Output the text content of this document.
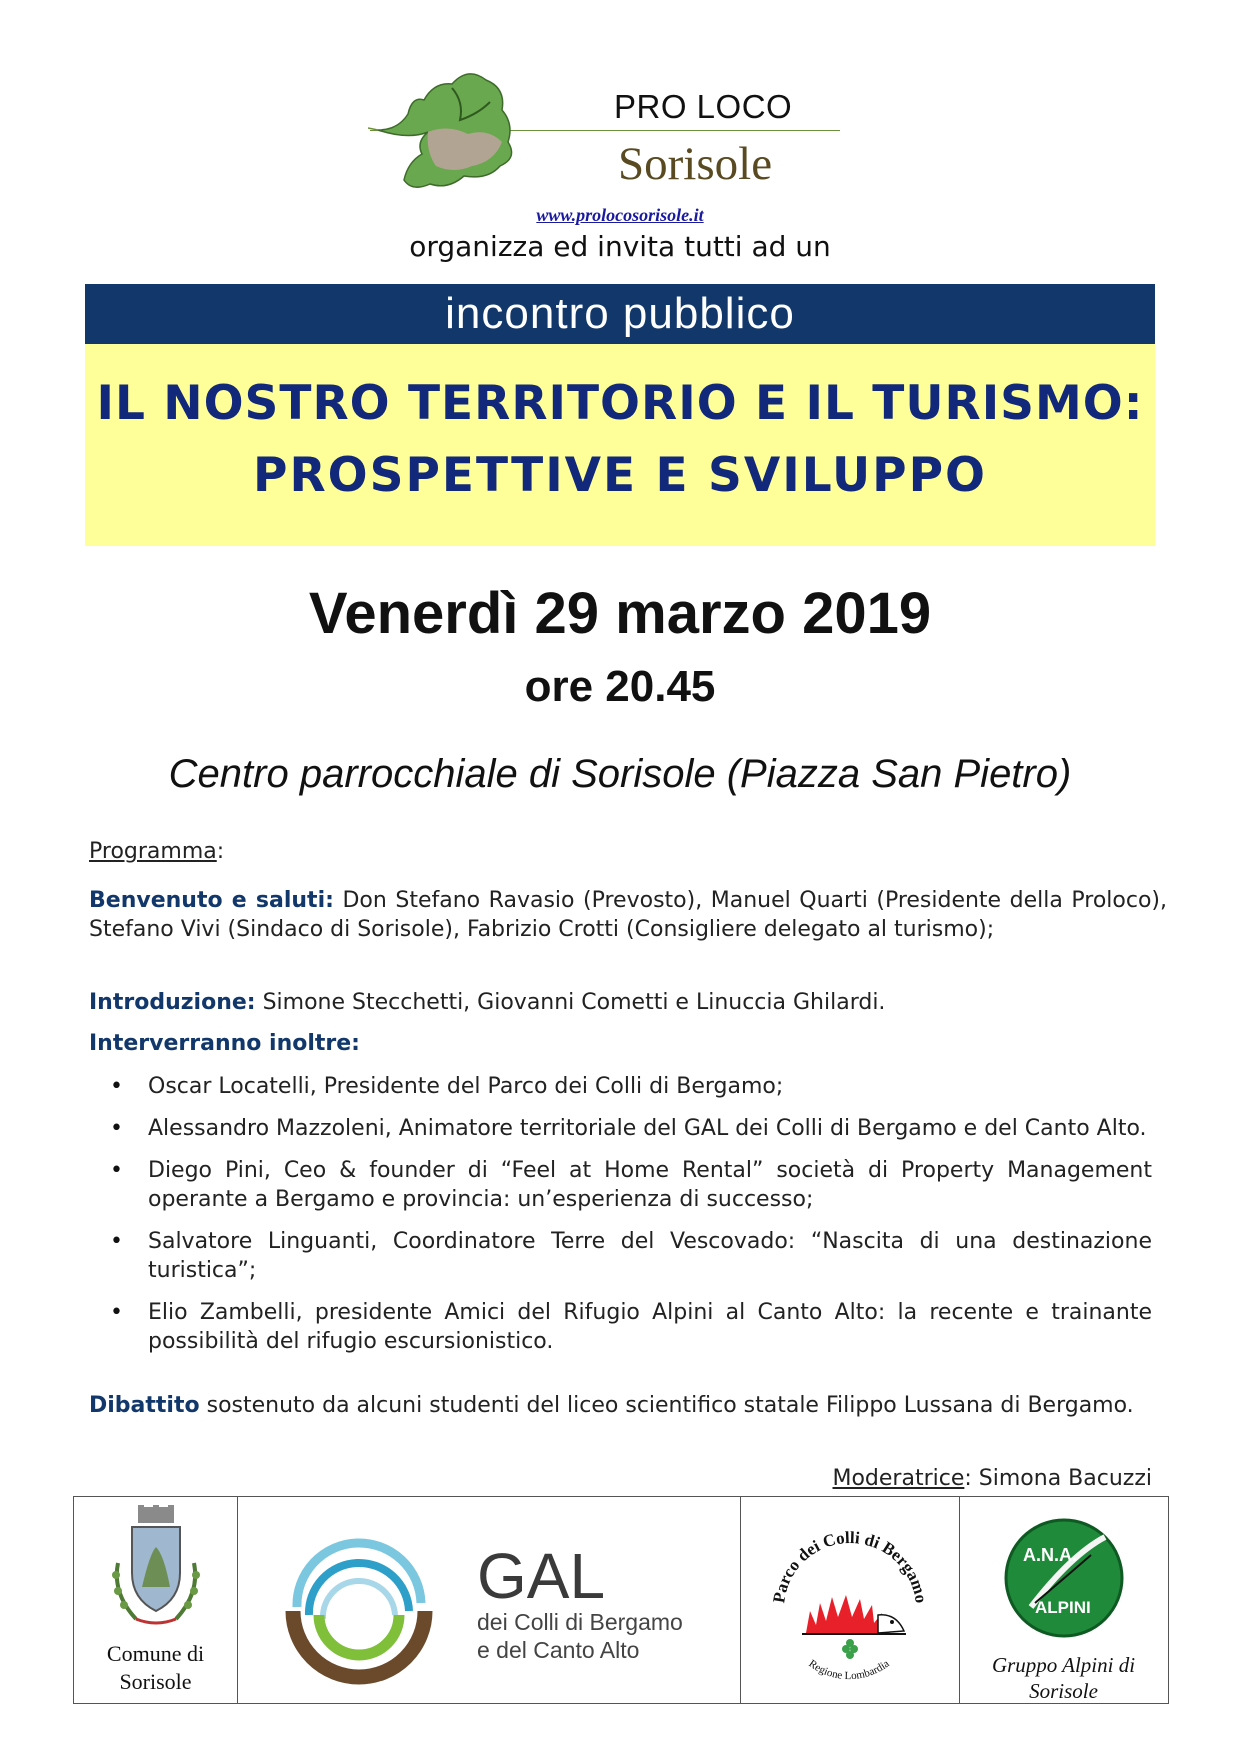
PRO LOCO
Sorisole
www.prolocosorisole.it
organizza ed invita tutti ad un
incontro pubblico
IL NOSTRO TERRITORIO E IL TURISMO:
PROSPETTIVE E SVILUPPO
Venerdì 29 marzo 2019
ore 20.45
Centro parrocchiale di Sorisole (Piazza San Pietro)
Programma:
Benvenuto e saluti: Don Stefano Ravasio (Prevosto), Manuel Quarti (Presidente della Proloco), Stefano Vivi (Sindaco di Sorisole), Fabrizio Crotti (Consigliere delegato al turismo);
Introduzione: Simone Stecchetti, Giovanni Cometti e Linuccia Ghilardi.
Interverranno inoltre:
• Oscar Locatelli, Presidente del Parco dei Colli di Bergamo;
• Alessandro Mazzoleni, Animatore territoriale del GAL dei Colli di Bergamo e del Canto Alto.
• Diego Pini, Ceo & founder di “Feel at Home Rental” società di Property Management operante a Bergamo e provincia: un’esperienza di successo;
• Salvatore Linguanti, Coordinatore Terre del Vescovado: “Nascita di una destinazione turistica”;
• Elio Zambelli, presidente Amici del Rifugio Alpini al Canto Alto: la recente e trainante possibilità del rifugio escursionistico.
Dibattito sostenuto da alcuni studenti del liceo scientifico statale Filippo Lussana di Bergamo.
Moderatrice: Simona Bacuzzi
Comune di
Sorisole
GAL
dei Colli di Bergamo
e del Canto Alto
Parco dei Colli di Bergamo
Regione Lombardia
A.N.A.
ALPINI
Gruppo Alpini di
Sorisole
